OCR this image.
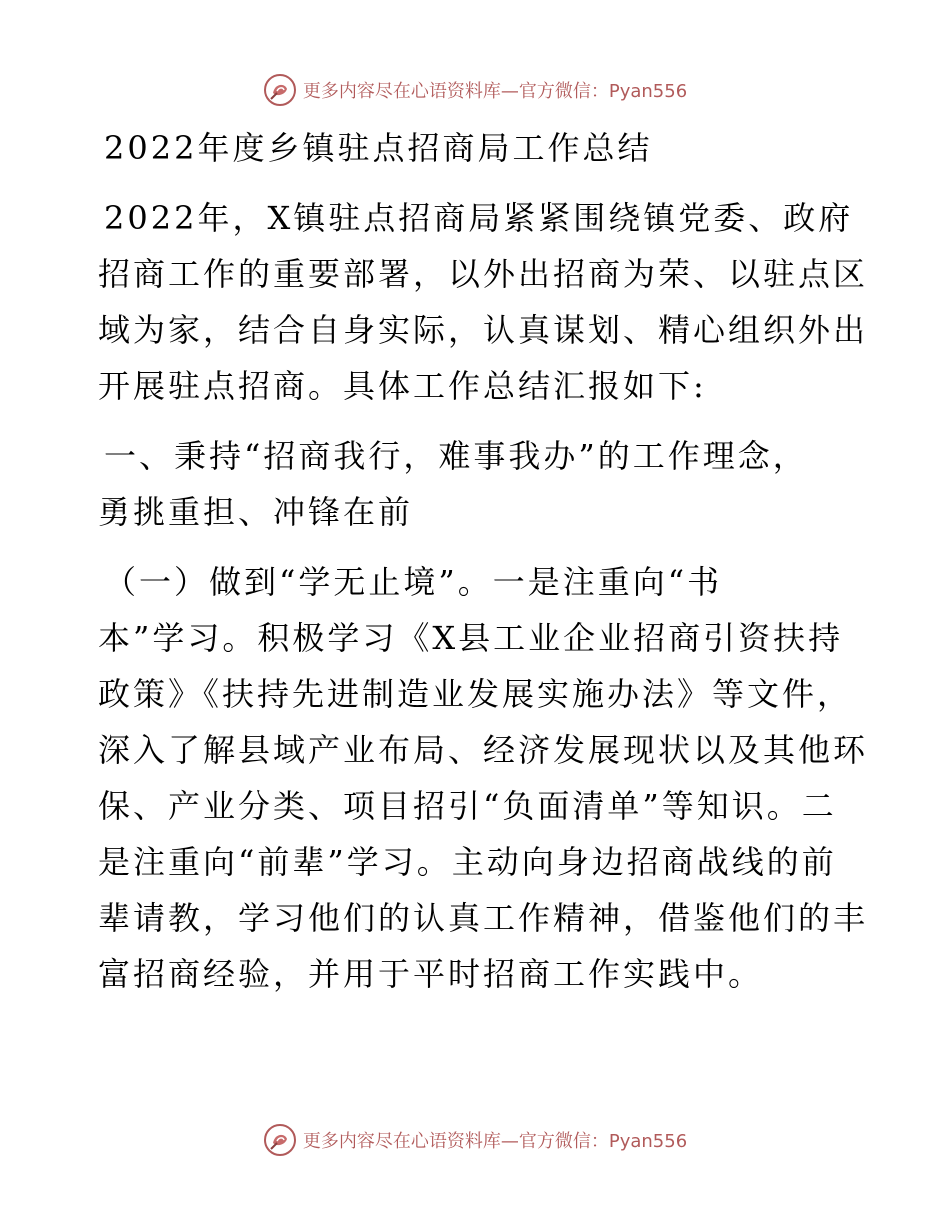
更多内容尽在心语资料库—官方微信：Pyan556
2022年度乡镇驻点招商局工作总结
2022年，X镇驻点招商局紧紧围绕镇党委、政府
招商工作的重要部署，以外出招商为荣、以驻点区
域为家，结合自身实际，认真谋划、精心组织外出
开展驻点招商。具体工作总结汇报如下:
一、秉持“招商我行，难事我办”的工作理念，
勇挑重担、冲锋在前
（一）做到“学无止境”。一是注重向“书
本”学习。积极学习《X县工业企业招商引资扶持
政策》《扶持先进制造业发展实施办法》等文件，
深入了解县域产业布局、经济发展现状以及其他环
保、产业分类、项目招引“负面清单”等知识。二
是注重向“前辈”学习。主动向身边招商战线的前
辈请教，学习他们的认真工作精神，借鉴他们的丰
富招商经验，并用于平时招商工作实践中。
更多内容尽在心语资料库—官方微信：Pyan556
